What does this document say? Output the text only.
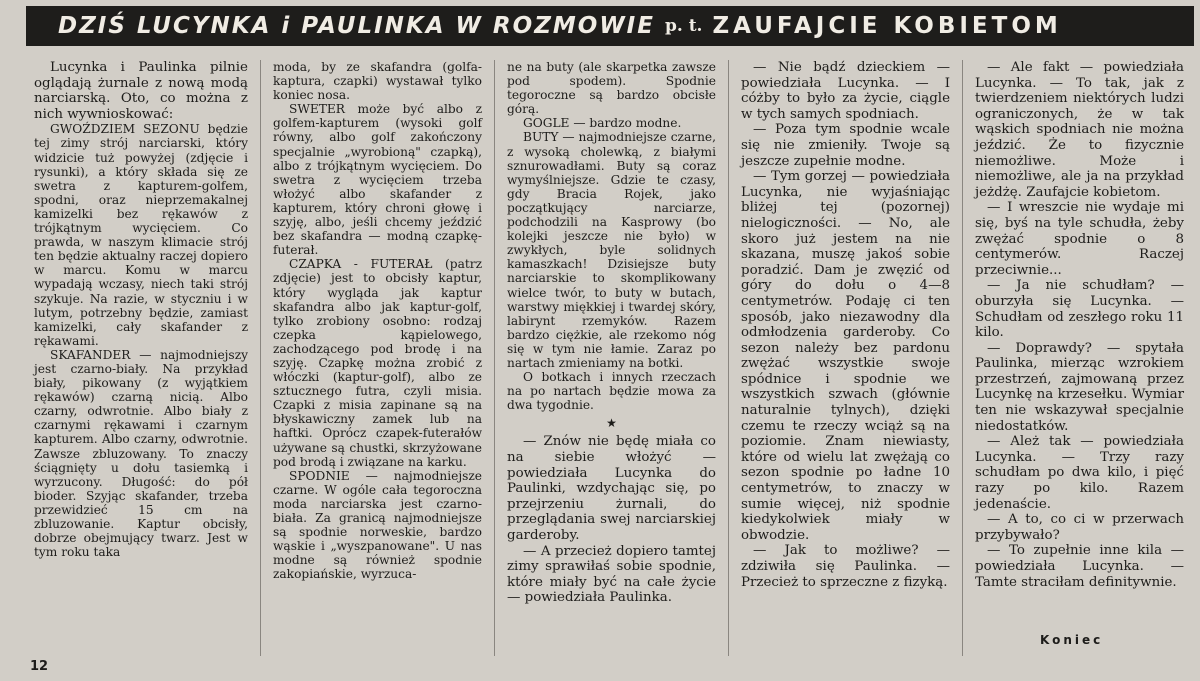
DZIŚ LUCYNKA i PAULINKA W ROZMOWIE p. t. ZAUFAJCIE KOBIETOM

Lucynka i Paulinka pilnie oglądają żurnale z nową modą narciarską. Oto, co można z nich wywnioskować:

GWOŹDZIEM SEZONU będzie tej zimy strój narciarski, który widzicie tuż powyżej (zdjęcie i rysunki), a który składa się ze swetra z kapturem-golfem, spodni, oraz nieprzemakalnej kamizelki bez rękawów z trójkątnym wycięciem. Co prawda, w naszym klimacie strój ten będzie aktualny raczej dopiero w marcu. Komu w marcu wypadają wczasy, niech taki strój szykuje. Na razie, w styczniu i w lutym, potrzebny będzie, zamiast kamizelki, cały skafander z rękawami.

SKAFANDER — najmodniejszy jest czarno-biały. Na przykład biały, pikowany (z wyjątkiem rękawów) czarną nicią. Albo czarny, odwrotnie. Albo biały z czarnymi rękawami i czarnym kapturem. Albo czarny, odwrotnie. Zawsze zbluzowany. To znaczy ściągnięty u dołu tasiemką i wyrzucony. Długość: do pół bioder. Szyjąc skafander, trzeba przewidzieć 15 cm na zbluzowanie. Kaptur obcisły, dobrze obejmujący twarz. Jest w tym roku taka

moda, by ze skafandra (golfa-kaptura, czapki) wystawał tylko koniec nosa.

SWETER może być albo z golfem-kapturem (wysoki golf równy, albo golf zakończony specjalnie „wyrobioną" czapką), albo z trójkątnym wycięciem. Do swetra z wycięciem trzeba włożyć albo skafander z kapturem, który chroni głowę i szyję, albo, jeśli chcemy jeździć bez skafandra — modną czapkę-futerał.

CZAPKA - FUTERAŁ (patrz zdjęcie) jest to obcisły kaptur, który wygląda jak kaptur skafandra albo jak kaptur-golf, tylko zrobiony osobno: rodzaj czepka kąpielowego, zachodzącego pod brodę i na szyję. Czapkę można zrobić z włóczki (kaptur-golf), albo ze sztucznego futra, czyli misia. Czapki z misia zapinane są na błyskawiczny zamek lub na haftki. Oprócz czapek-futerałów używane są chustki, skrzyżowane pod brodą i związane na karku.

SPODNIE — najmodniejsze czarne. W ogóle cała tegoroczna moda narciarska jest czarno-biała. Za granicą najmodniejsze są spodnie norweskie, bardzo wąskie i „wyszpanowane". U nas modne są również spodnie zakopiańskie, wyrzuca-

ne na buty (ale skarpetka zawsze pod spodem). Spodnie tegoroczne są bardzo obcisłe górą.

GOGLE — bardzo modne.

BUTY — najmodniejsze czarne, z wysoką cholewką, z białymi sznurowadłami. Buty są coraz wymyślniejsze. Gdzie te czasy, gdy Bracia Rojek, jako początkujący narciarze, podchodzili na Kasprowy (bo kolejki jeszcze nie było) w zwykłych, byle solidnych kamaszkach! Dzisiejsze buty narciarskie to skomplikowany wielce twór, to buty w butach, warstwy miękkiej i twardej skóry, labirynt rzemyków. Razem bardzo ciężkie, ale rzekomo nóg się w tym nie łamie. Zaraz po nartach zmieniamy na botki.

O botkach i innych rzeczach na po nartach będzie mowa za dwa tygodnie.

★

— Znów nie będę miała co na siebie włożyć — powiedziała Lucynka do Paulinki, wzdychając się, po przejrzeniu żurnali, do przeglądania swej narciarskiej garderoby.

— A przecież dopiero tamtej zimy sprawiłaś sobie spodnie, które miały być na całe życie — powiedziała Paulinka.

— Nie bądź dzieckiem — powiedziała Lucynka. — I cóżby to było za życie, ciągle w tych samych spodniach.

— Poza tym spodnie wcale się nie zmieniły. Twoje są jeszcze zupełnie modne.

— Tym gorzej — powiedziała Lucynka, nie wyjaśniając bliżej tej (pozornej) nielogiczności. — No, ale skoro już jestem na nie skazana, muszę jakoś sobie poradzić. Dam je zwęzić od góry do dołu o 4—8 centymetrów. Podaję ci ten sposób, jako niezawodny dla odmłodzenia garderoby. Co sezon należy bez pardonu zwężać wszystkie swoje spódnice i spodnie we wszystkich szwach (głównie naturalnie tylnych), dzięki czemu te rzeczy wciąż są na poziomie. Znam niewiasty, które od wielu lat zwężają co sezon spodnie po ładne 10 centymetrów, to znaczy w sumie więcej, niż spodnie kiedykolwiek miały w obwodzie.

— Jak to możliwe? — zdziwiła się Paulinka. — Przecież to sprzeczne z fizyką.

— Ale fakt — powiedziała Lucynka. — To tak, jak z twierdzeniem niektórych ludzi ograniczonych, że w tak wąskich spodniach nie można jeździć. Że to fizycznie niemożliwe. Może i niemożliwe, ale ja na przykład jeżdżę. Zaufajcie kobietom.

— I wreszcie nie wydaje mi się, byś na tyle schudła, żeby zwężać spodnie o 8 centymerów. Raczej przeciwnie...

— Ja nie schudłam? — oburzyła się Lucynka. — Schudłam od zeszłego roku 11 kilo.

— Doprawdy? — spytała Paulinka, mierząc wzrokiem przestrzeń, zajmowaną przez Lucynkę na krzesełku. Wymiar ten nie wskazywał specjalnie niedostatków.

— Ależ tak — powiedziała Lucynka. — Trzy razy schudłam po dwa kilo, i pięć razy po kilo. Razem jedenaście.

— A to, co ci w przerwach przybywało?

— To zupełnie inne kila — powiedziała Lucynka. — Tamte straciłam definitywnie.

Koniec
12
